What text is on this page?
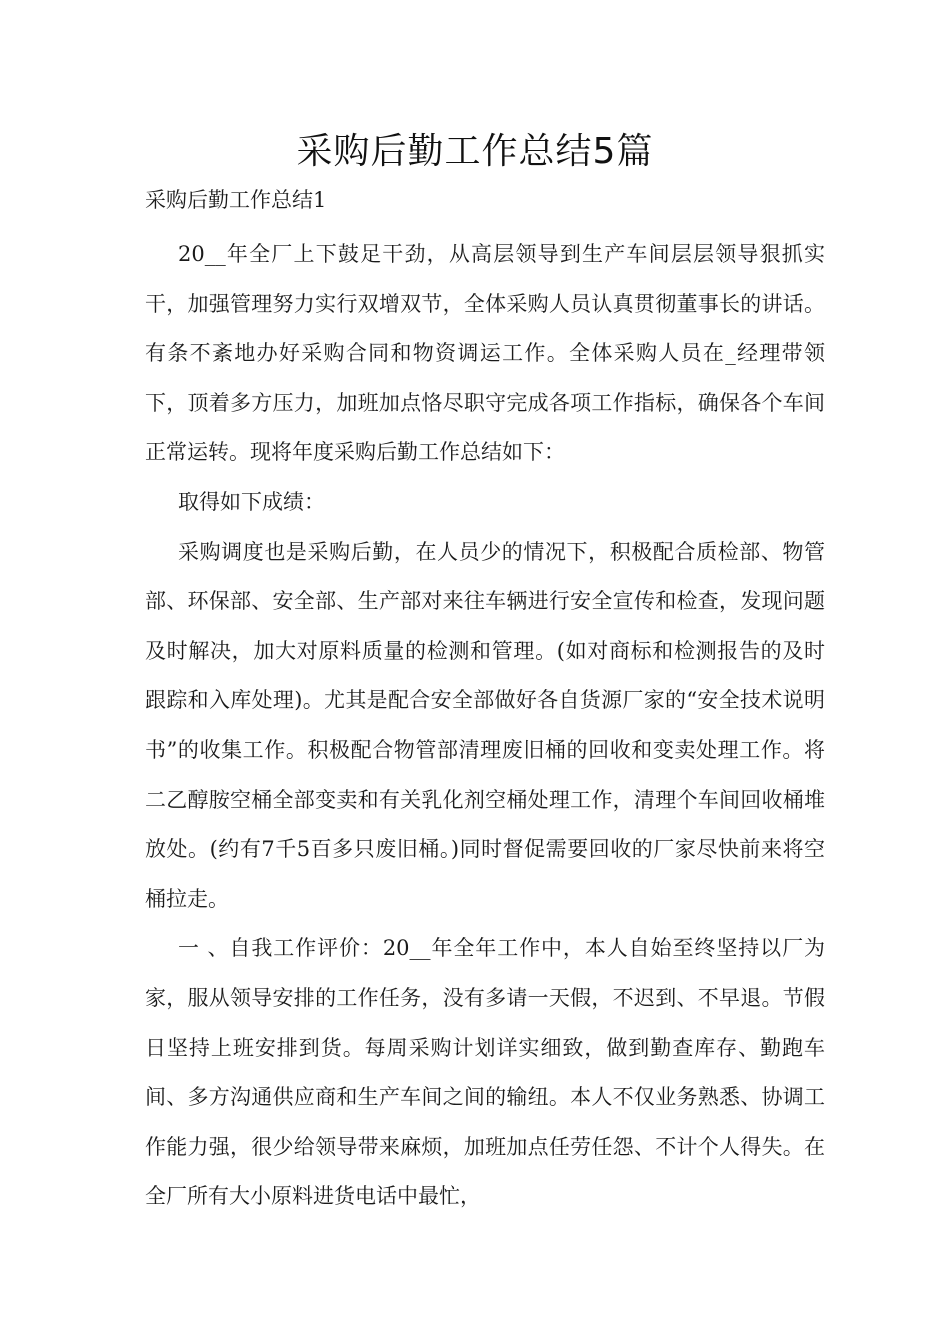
采购后勤工作总结5篇

采购后勤工作总结1

20__年全厂上下鼓足干劲，从高层领导到生产车间层层领导狠抓实干，加强管理努力实行双增双节，全体采购人员认真贯彻董事长的讲话。有条不紊地办好采购合同和物资调运工作。全体采购人员在_经理带领下，顶着多方压力，加班加点恪尽职守完成各项工作指标，确保各个车间正常运转。现将年度采购后勤工作总结如下：

取得如下成绩：

采购调度也是采购后勤，在人员少的情况下，积极配合质检部、物管部、环保部、安全部、生产部对来往车辆进行安全宣传和检查，发现问题及时解决，加大对原料质量的检测和管理。(如对商标和检测报告的及时跟踪和入库处理)。尤其是配合安全部做好各自货源厂家的“安全技术说明书”的收集工作。积极配合物管部清理废旧桶的回收和变卖处理工作。将二乙醇胺空桶全部变卖和有关乳化剂空桶处理工作，清理个车间回收桶堆放处。(约有7千5百多只废旧桶。)同时督促需要回收的厂家尽快前来将空桶拉走。

一 、自我工作评价：20__年全年工作中，本人自始至终坚持以厂为家，服从领导安排的工作任务，没有多请一天假，不迟到、不早退。节假日坚持上班安排到货。每周采购计划详实细致，做到勤查库存、勤跑车间、多方沟通供应商和生产车间之间的输纽。本人不仅业务熟悉、协调工作能力强，很少给领导带来麻烦，加班加点任劳任怨、不计个人得失。在全厂所有大小原料进货电话中最忙，
